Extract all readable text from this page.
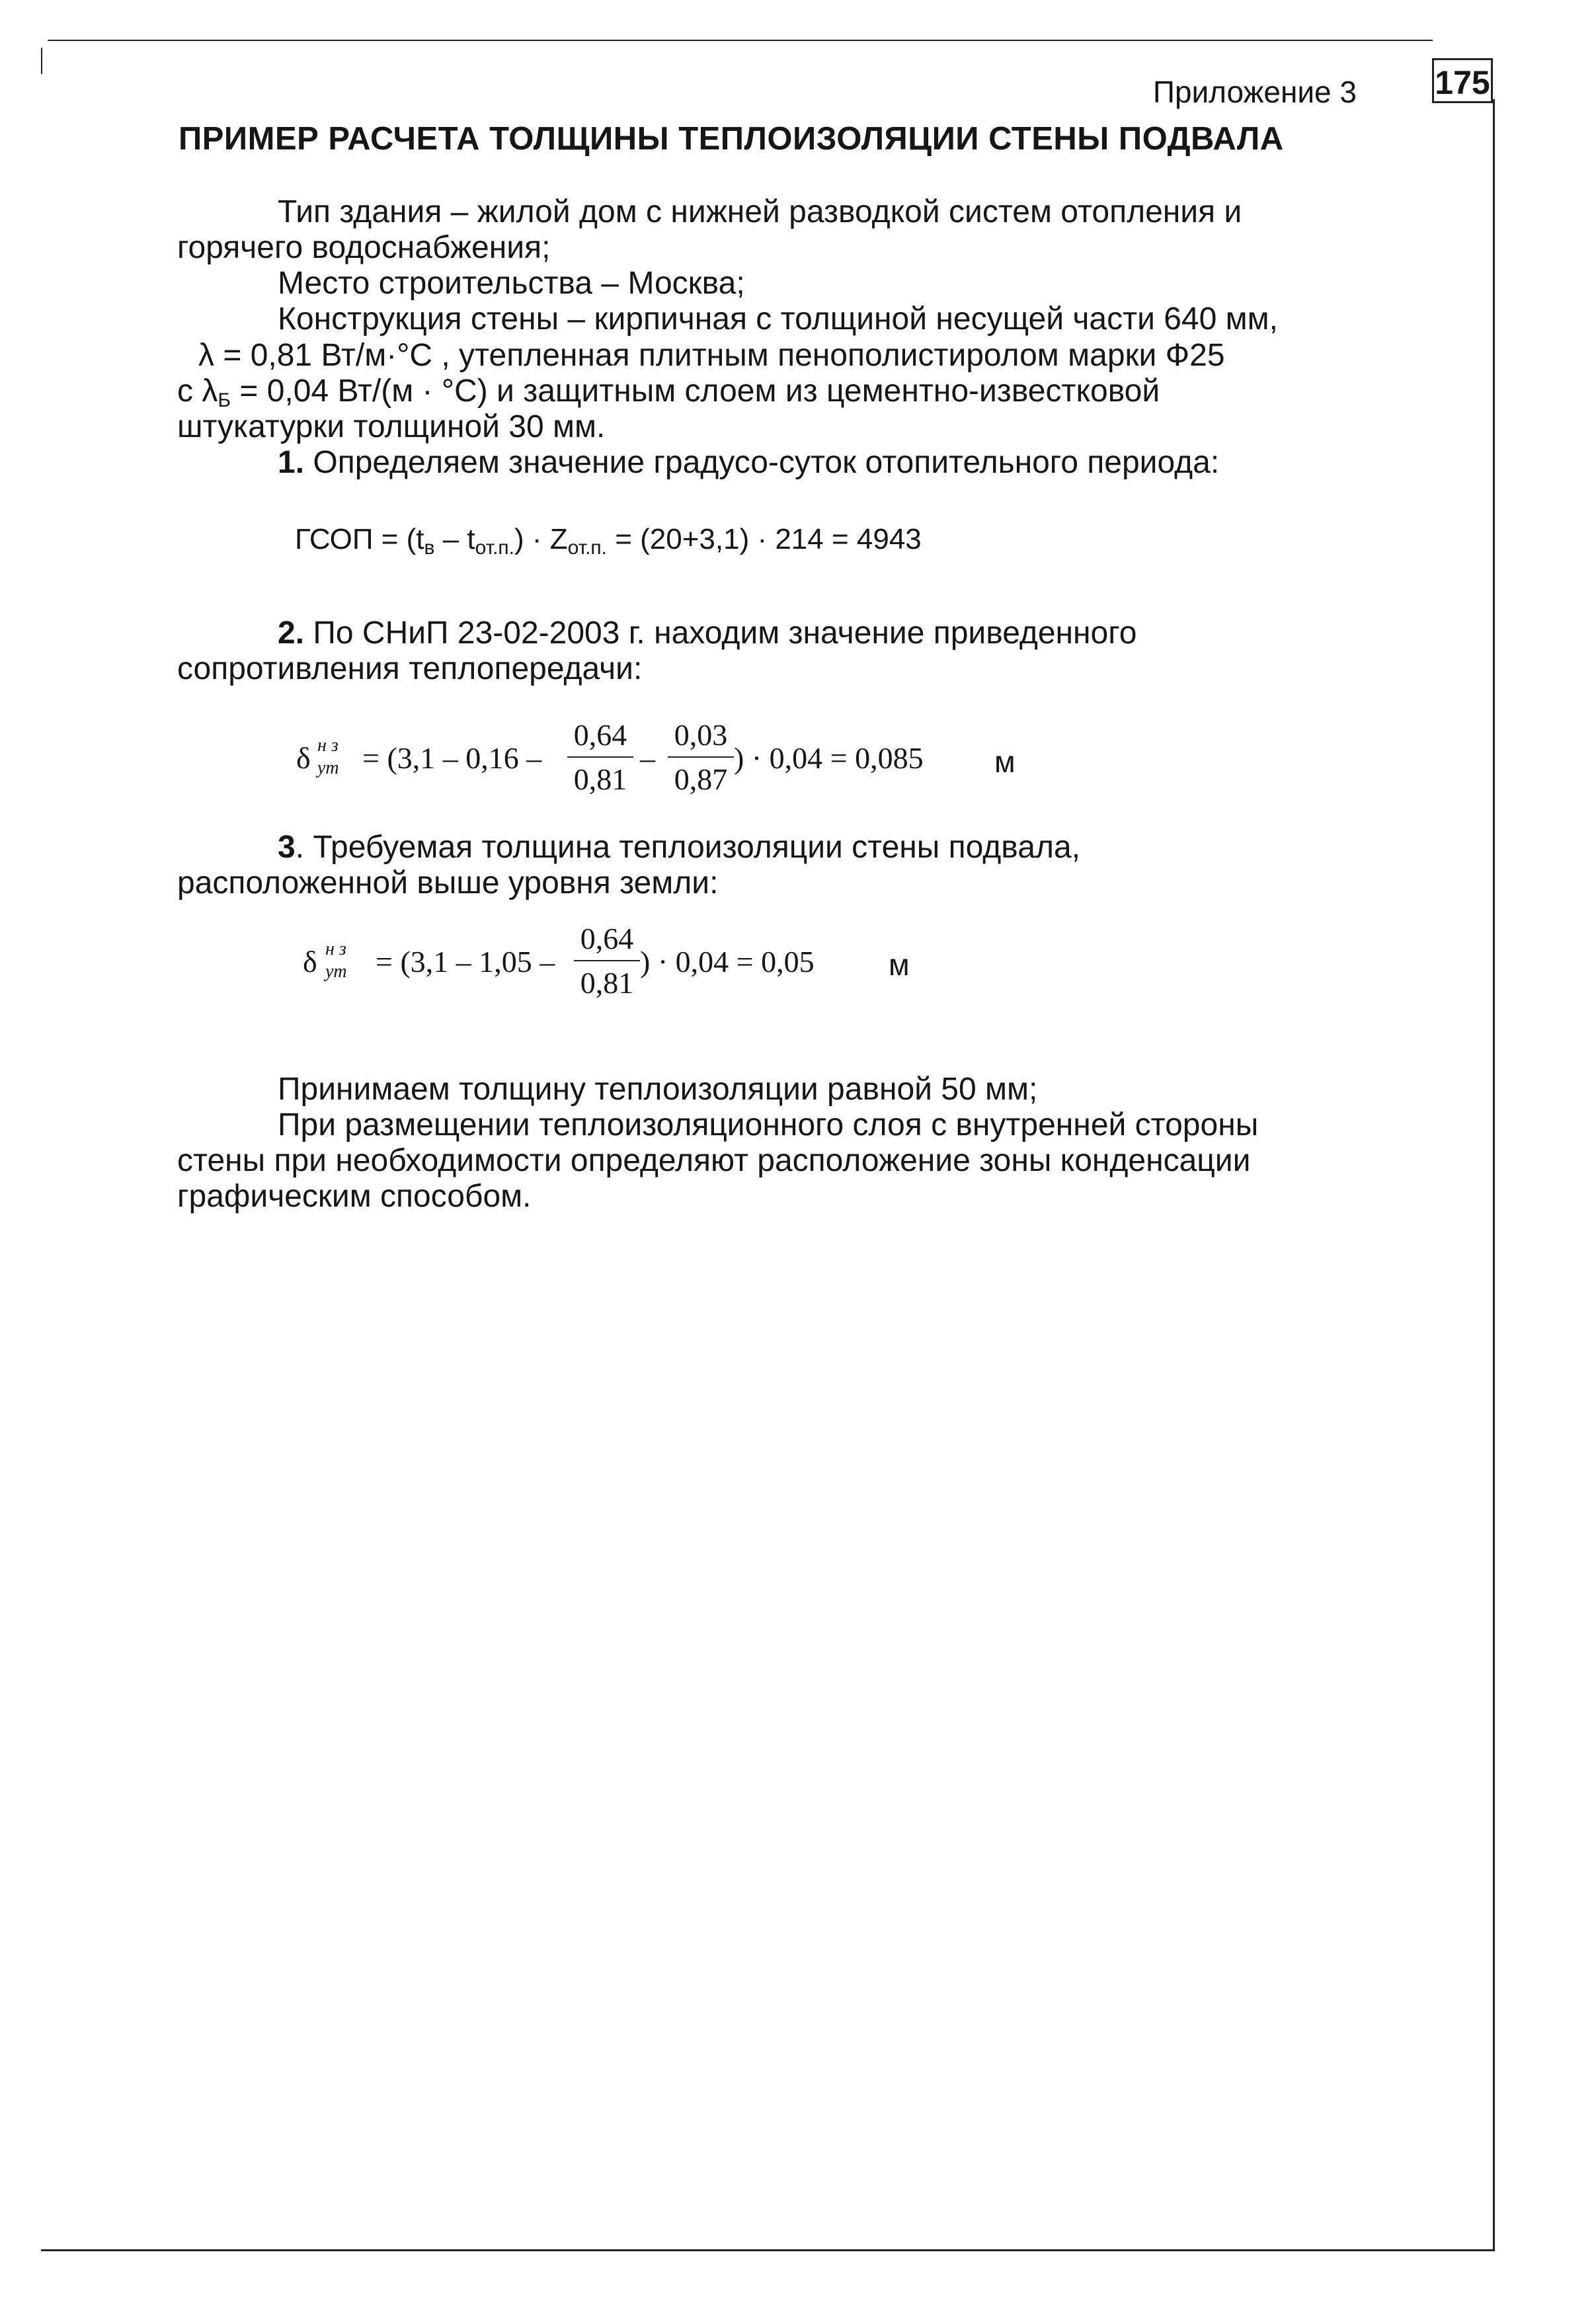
175
Приложение 3
ПРИМЕР РАСЧЕТА ТОЛЩИНЫ ТЕПЛОИЗОЛЯЦИИ СТЕНЫ ПОДВАЛА
Тип здания – жилой дом с нижней разводкой систем отопления и
горячего водоснабжения;
Место строительства – Москва;
Конструкция стены – кирпичная с толщиной несущей части 640 мм,
λ = 0,81 Вт/м·°С , утепленная плитным пенополистиролом марки Ф25
с $\lambda_Б = 0,04$ Вт/(м · °С) и защитным слоем из цементно-известковой
штукатурки толщиной 30 мм.
1. Определяем значение градусо-суток отопительного периода:
ГСОП = $(t_в - t_{от.п.}) \cdot Z_{от.п.} = (20+3,1) \cdot 214 = 4943$
2. По СНиП 23-02-2003 г. находим значение приведенного
сопротивления теплопередачи:
δ н з
ут = (3,1 – 0,16 –
0,64
0,81
–
0,03
0,87
) · 0,04 = 0,085 м
3. Требуемая толщина теплоизоляции стены подвала,
расположенной выше уровня земли:
δ н з
ут = (3,1 – 1,05 –
0,64
0,81
) · 0,04 = 0,05 м
Принимаем толщину теплоизоляции равной 50 мм;
При размещении теплоизоляционного слоя с внутренней стороны
стены при необходимости определяют расположение зоны конденсации
графическим способом.
